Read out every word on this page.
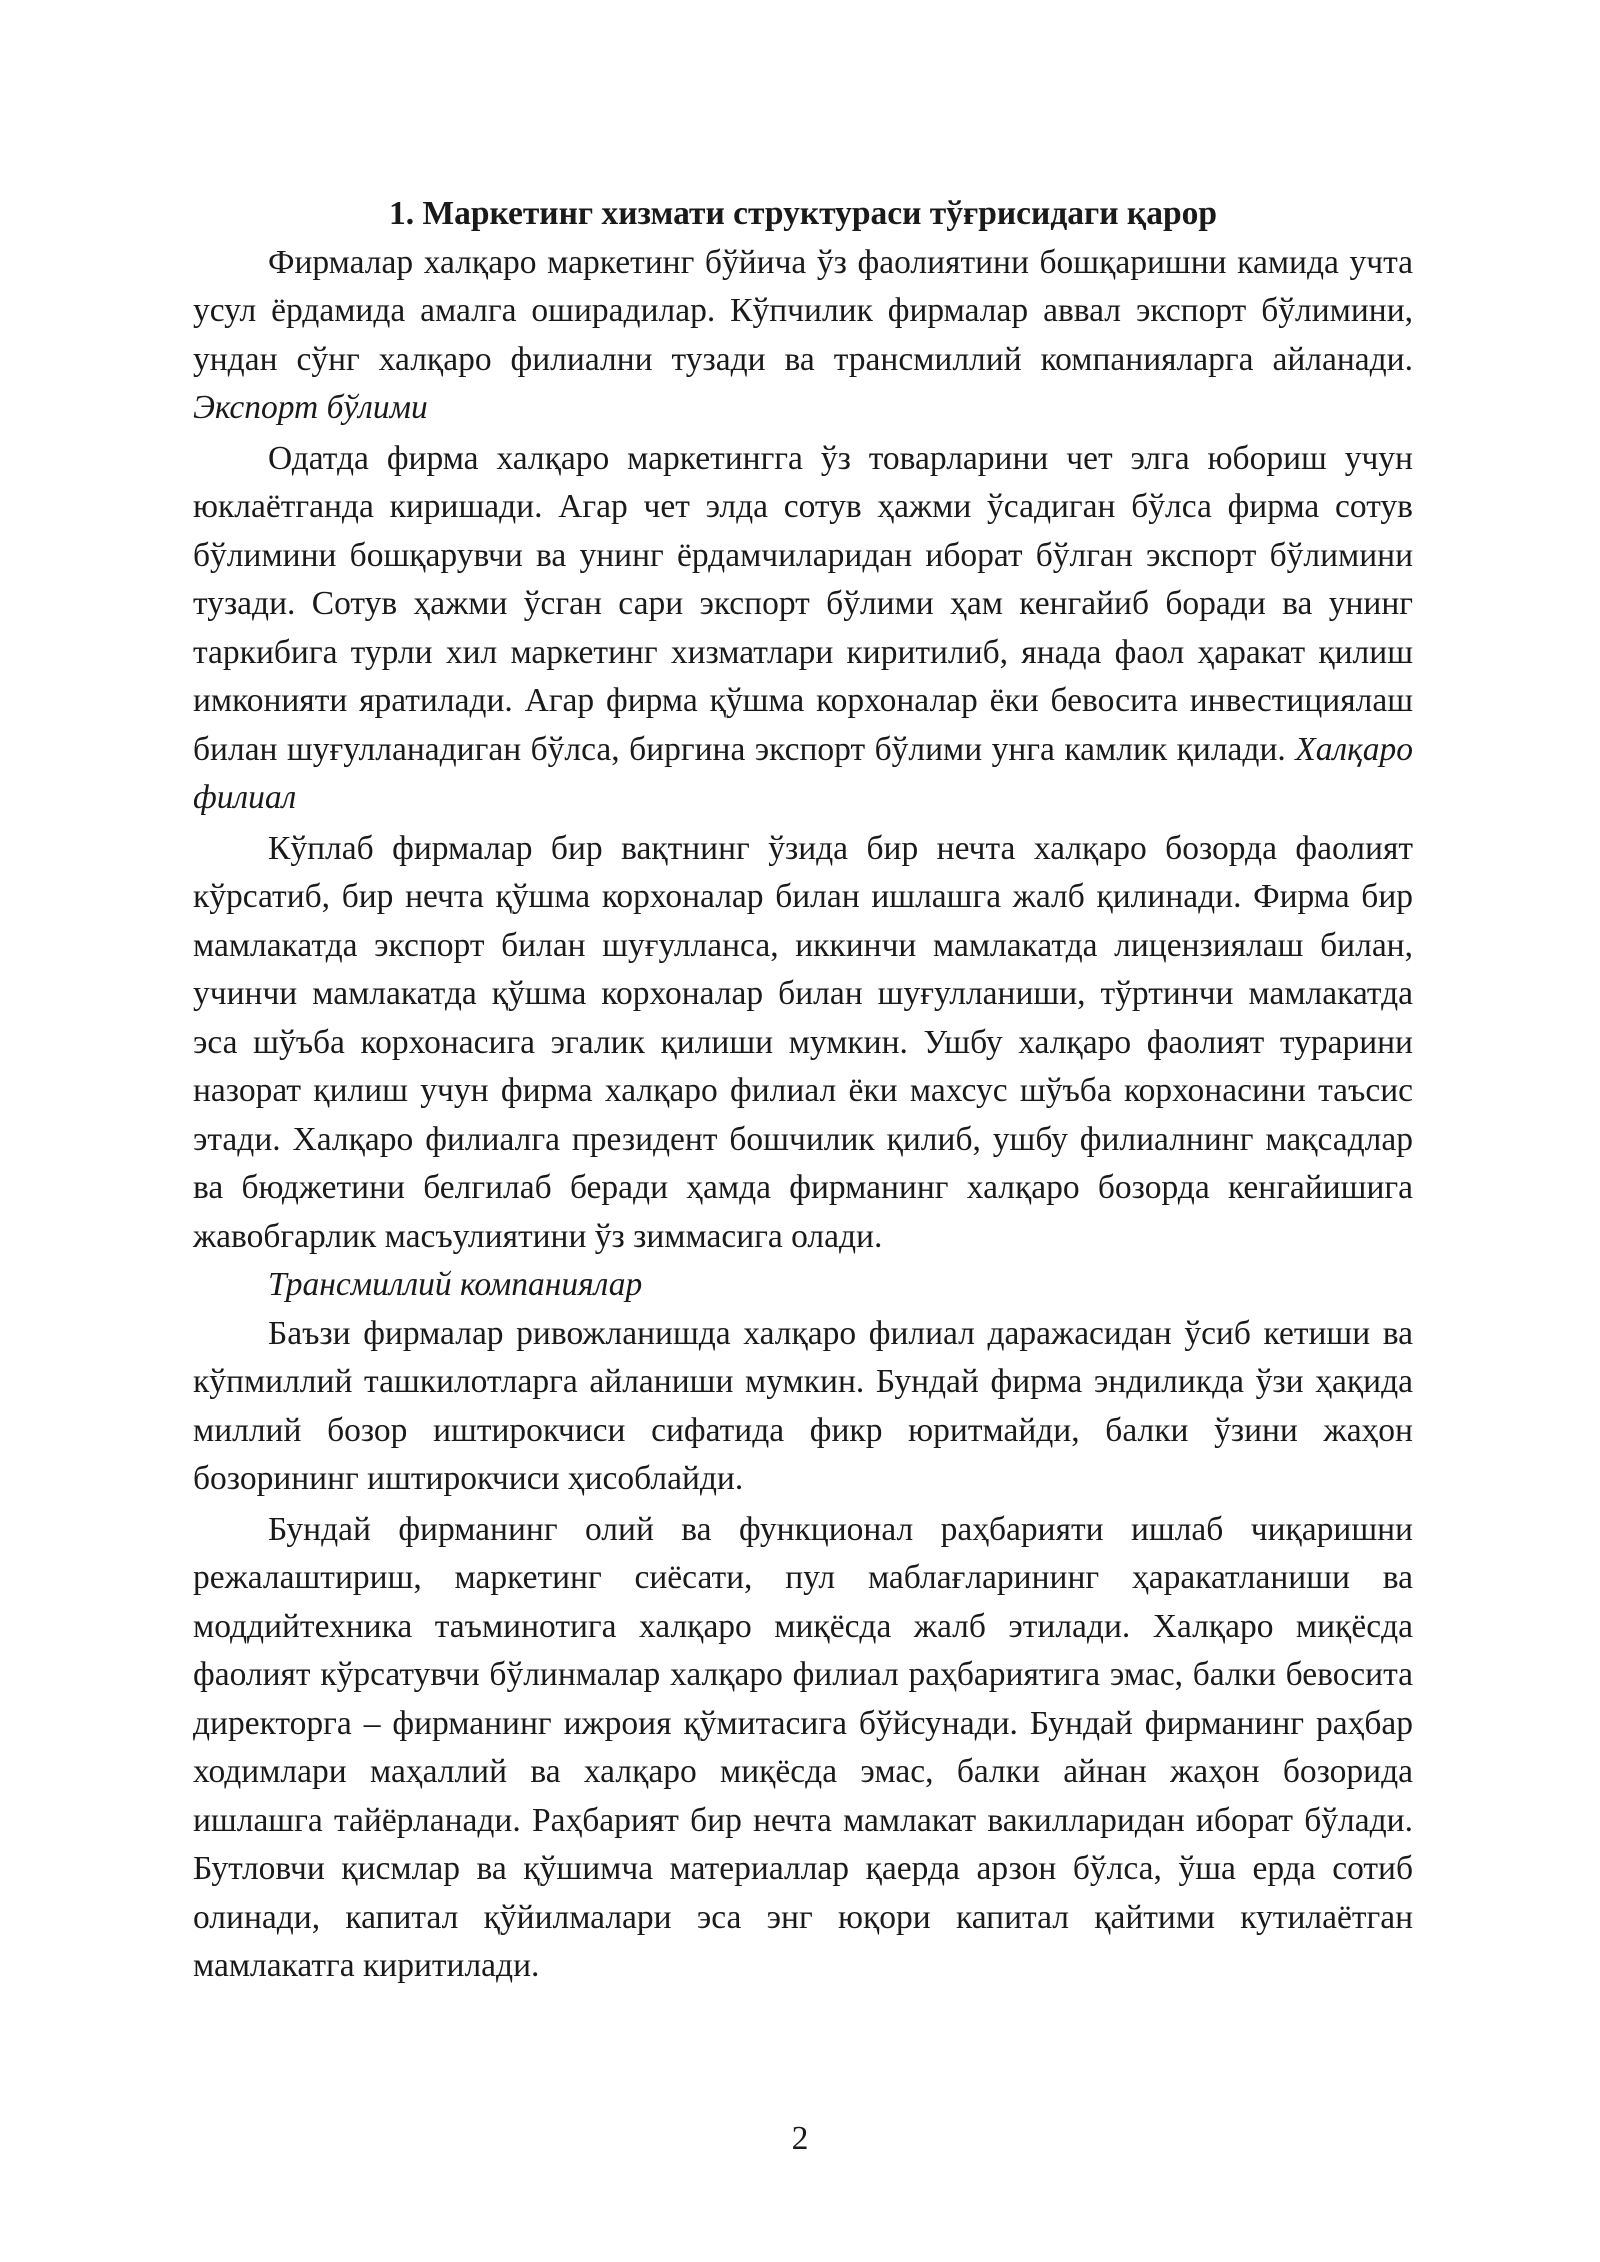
1. Маркетинг хизмати структураси тўғрисидаги қарор

Фирмалар халқаро маркетинг бўйича ўз фаолиятини бошқаришни камида учта усул ёрдамида амалга оширадилар. Кўпчилик фирмалар аввал экспорт бўлимини, ундан сўнг халқаро филиални тузади ва трансмиллий компанияларга айланади. Экспорт бўлими

Одатда фирма халқаро маркетингга ўз товарларини чет элга юбориш учун юклаётганда киришади. Агар чет элда сотув ҳажми ўсадиган бўлса фирма сотув бўлимини бошқарувчи ва унинг ёрдамчиларидан иборат бўлган экспорт бўлимини тузади. Сотув ҳажми ўсган сари экспорт бўлими ҳам кенгайиб боради ва унинг таркибига турли хил маркетинг хизматлари киритилиб, янада фаол ҳаракат қилиш имконияти яратилади. Агар фирма қўшма корхоналар ёки бевосита инвестициялаш билан шуғулланадиган бўлса, биргина экспорт бўлими унга камлик қилади. Халқаро филиал

Кўплаб фирмалар бир вақтнинг ўзида бир нечта халқаро бозорда фаолият кўрсатиб, бир нечта қўшма корхоналар билан ишлашга жалб қилинади. Фирма бир мамлакатда экспорт билан шуғулланса, иккинчи мамлакатда лицензиялаш билан, учинчи мамлакатда қўшма корхоналар билан шуғулланиши, тўртинчи мамлакатда эса шўъба корхонасига эгалик қилиши мумкин. Ушбу халқаро фаолият турарини назорат қилиш учун фирма халқаро филиал ёки махсус шўъба корхонасини таъсис этади. Халқаро филиалга президент бошчилик қилиб, ушбу филиалнинг мақсадлар ва бюджетини белгилаб беради ҳамда фирманинг халқаро бозорда кенгайишига жавобгарлик масъулиятини ўз зиммасига олади.

Трансмиллий компаниялар

Баъзи фирмалар ривожланишда халқаро филиал даражасидан ўсиб кетиши ва кўпмиллий ташкилотларга айланиши мумкин. Бундай фирма эндиликда ўзи ҳақида миллий бозор иштирокчиси сифатида фикр юритмайди, балки ўзини жаҳон бозорининг иштирокчиси ҳисоблайди.

Бундай фирманинг олий ва функционал раҳбарияти ишлаб чиқаришни режалаштириш, маркетинг сиёсати, пул маблағларининг ҳаракатланиши ва моддийтехника таъминотига халқаро миқёсда жалб этилади. Халқаро миқёсда фаолият кўрсатувчи бўлинмалар халқаро филиал раҳбариятига эмас, балки бевосита директорга – фирманинг ижроия қўмитасига бўйсунади. Бундай фирманинг раҳбар ходимлари маҳаллий ва халқаро миқёсда эмас, балки айнан жаҳон бозорида ишлашга тайёрланади. Раҳбарият бир нечта мамлакат вакилларидан иборат бўлади. Бутловчи қисмлар ва қўшимча материаллар қаерда арзон бўлса, ўша ерда сотиб олинади, капитал қўйилмалари эса энг юқори капитал қайтими кутилаётган мамлакатга киритилади.

2
